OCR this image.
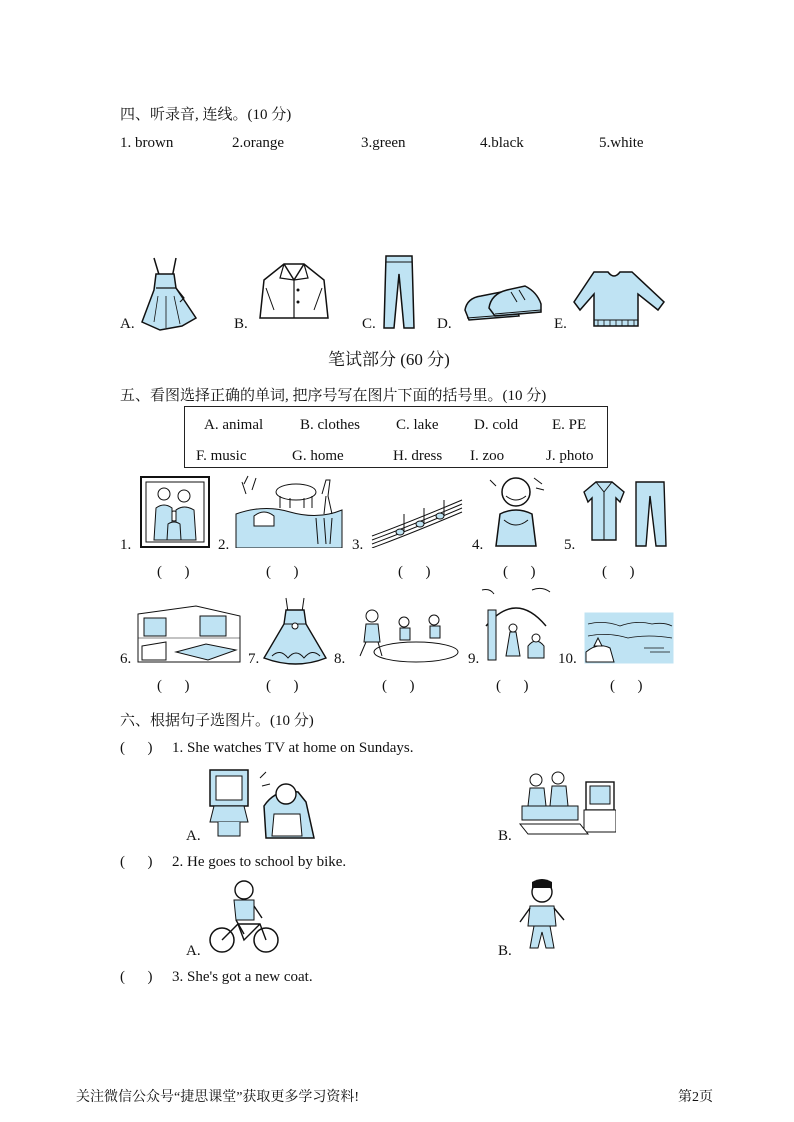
四、听录音, 连线。(10 分)
1. brown	2.orange	3.green	4.black	5.white
A.	B.	C.	D.	E.
笔试部分 (60 分)
五、看图选择正确的单词, 把序号写在图片下面的括号里。(10 分)
A. animal B. clothes C. lake D. cold E. PE
F. music	G. home	H. dress I. zoo	J. photo
1.
(      )
2.
(      )
3.
(      )
4.
(      )
5.
(      )
6.
(      )
7.
(      )
8.
(      )
9.
(      )
10.
(      )
六、根据句子选图片。(10 分)
(      ) 1. She watches TV at home on Sundays.
A.	B.
(      ) 2. He goes to school by bike.
A.	B.
(      ) 3. She's got a new coat.
关注微信公众号“捷思课堂”获取更多学习资料!	第2页
